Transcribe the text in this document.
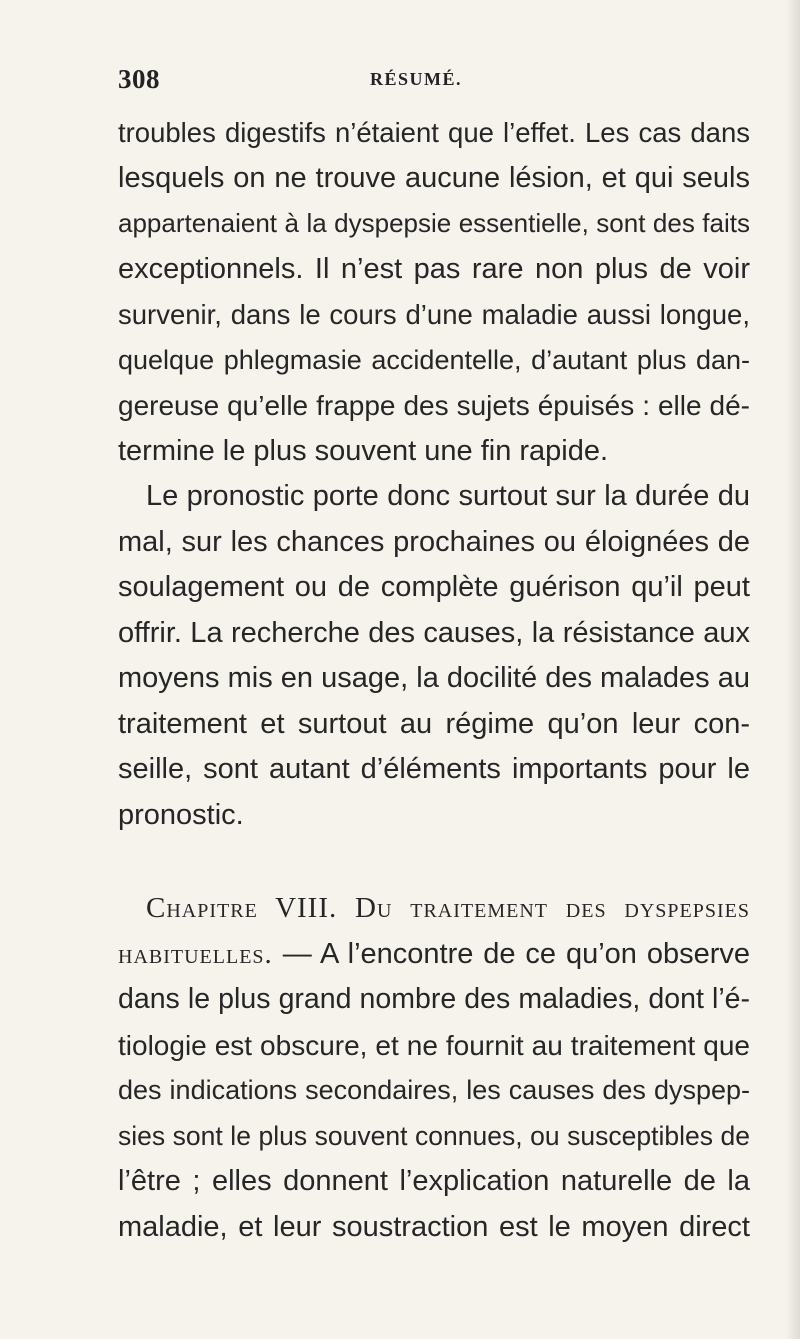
308	RÉSUMÉ.
troubles digestifs n’étaient que l’effet. Les cas dans
lesquels on ne trouve aucune lésion, et qui seuls
appartenaient à la dyspepsie essentielle, sont des faits
exceptionnels. Il n’est pas rare non plus de voir
survenir, dans le cours d’une maladie aussi longue,
quelque phlegmasie accidentelle, d’autant plus dan-
gereuse qu’elle frappe des sujets épuisés : elle dé-
termine le plus souvent une fin rapide.
Le pronostic porte donc surtout sur la durée du
mal, sur les chances prochaines ou éloignées de
soulagement ou de complète guérison qu’il peut
offrir. La recherche des causes, la résistance aux
moyens mis en usage, la docilité des malades au
traitement et surtout au régime qu’on leur con-
seille, sont autant d’éléments importants pour le
pronostic.
Chapitre VIII. Du traitement des dyspepsies
habituelles. — A l’encontre de ce qu’on observe
dans le plus grand nombre des maladies, dont l’é-
tiologie est obscure, et ne fournit au traitement que
des indications secondaires, les causes des dyspep-
sies sont le plus souvent connues, ou susceptibles de
l’être ; elles donnent l’explication naturelle de la
maladie, et leur soustraction est le moyen direct
